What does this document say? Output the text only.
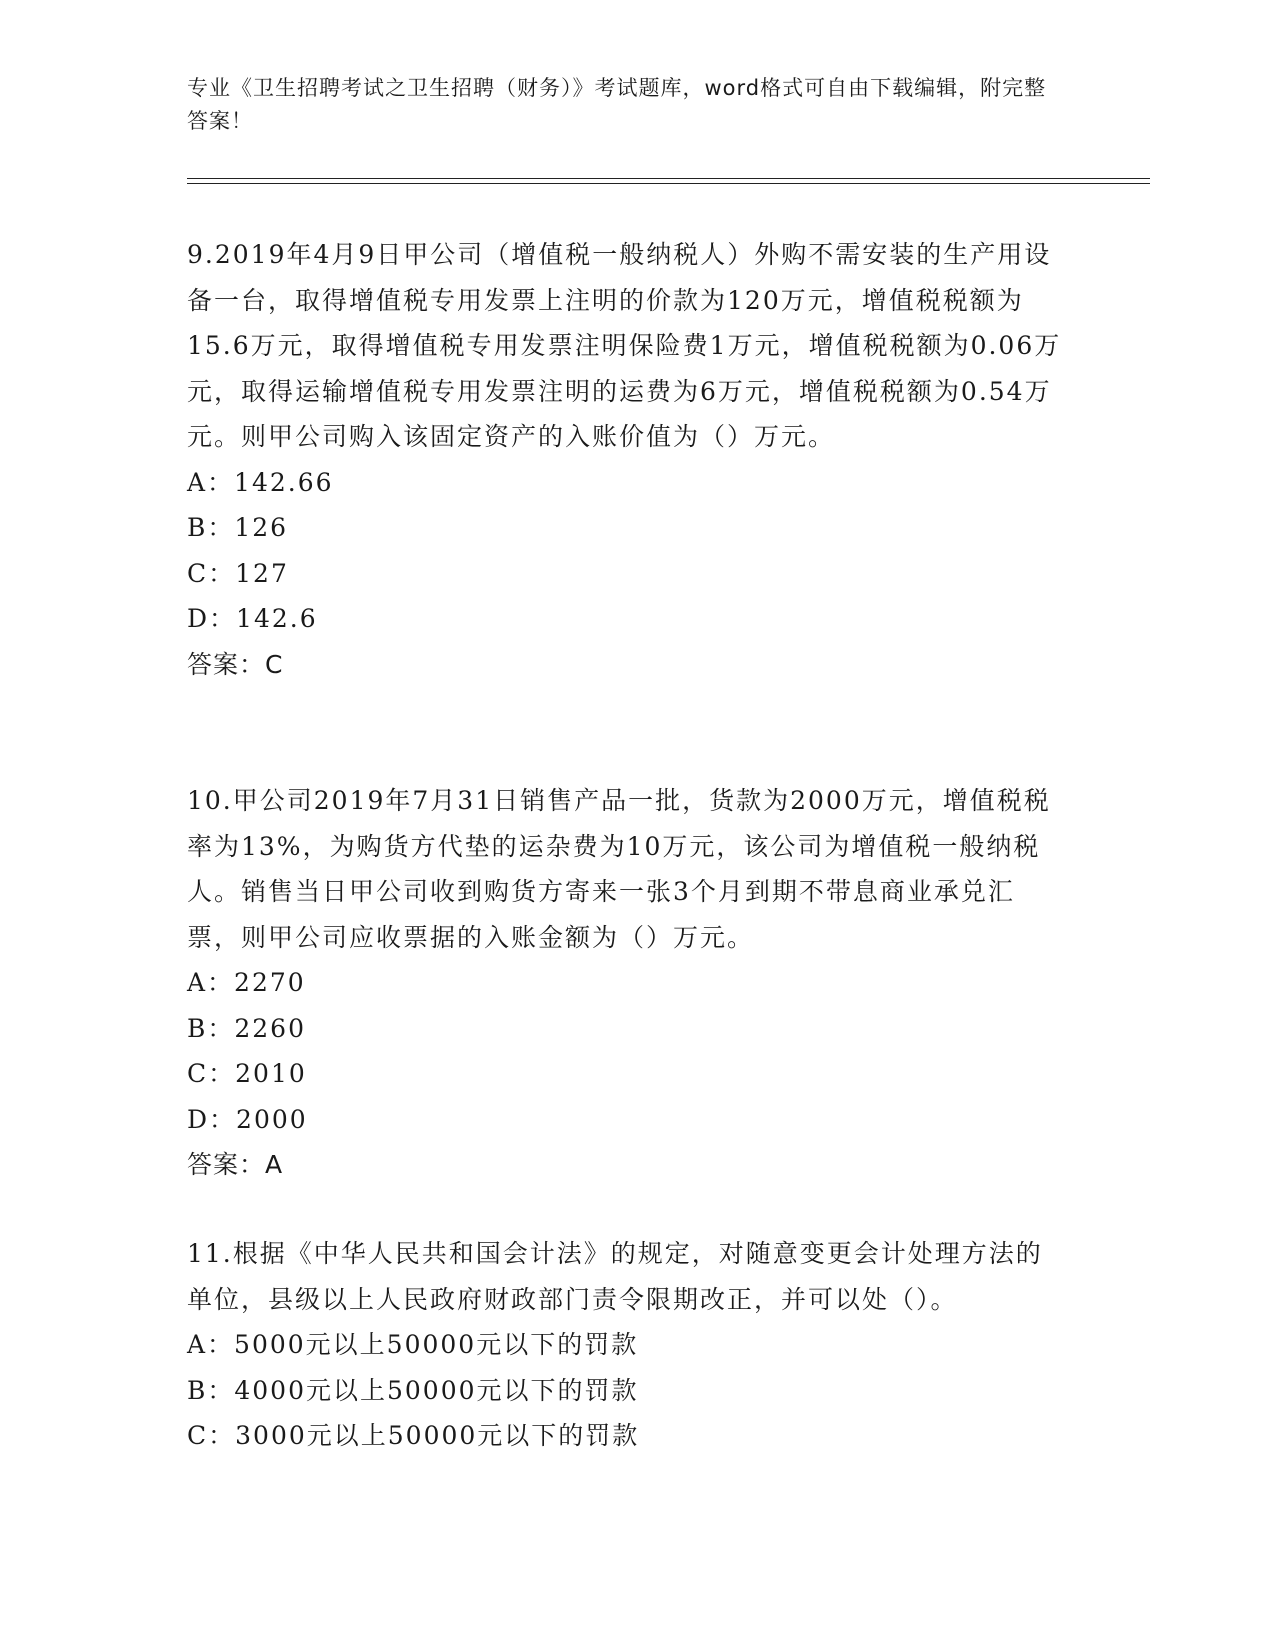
专业《卫生招聘考试之卫生招聘（财务）》考试题库，word格式可自由下载编辑，附完整答案！

9.2019年4月9日甲公司（增值税一般纳税人）外购不需安装的生产用设备一台，取得增值税专用发票上注明的价款为120万元，增值税税额为15.6万元，取得增值税专用发票注明保险费1万元，增值税税额为0.06万元，取得运输增值税专用发票注明的运费为6万元，增值税税额为0.54万元。则甲公司购入该固定资产的入账价值为（）万元。

A：142.66

B：126

C：127

D：142.6

答案：C

10.甲公司2019年7月31日销售产品一批，货款为2000万元，增值税税率为13%，为购货方代垫的运杂费为10万元，该公司为增值税一般纳税人。销售当日甲公司收到购货方寄来一张3个月到期不带息商业承兑汇票，则甲公司应收票据的入账金额为（）万元。

A：2270

B：2260

C：2010

D：2000

答案：A

11.根据《中华人民共和国会计法》的规定，对随意变更会计处理方法的单位，县级以上人民政府财政部门责令限期改正，并可以处（）。

A：5000元以上50000元以下的罚款

B：4000元以上50000元以下的罚款

C：3000元以上50000元以下的罚款
